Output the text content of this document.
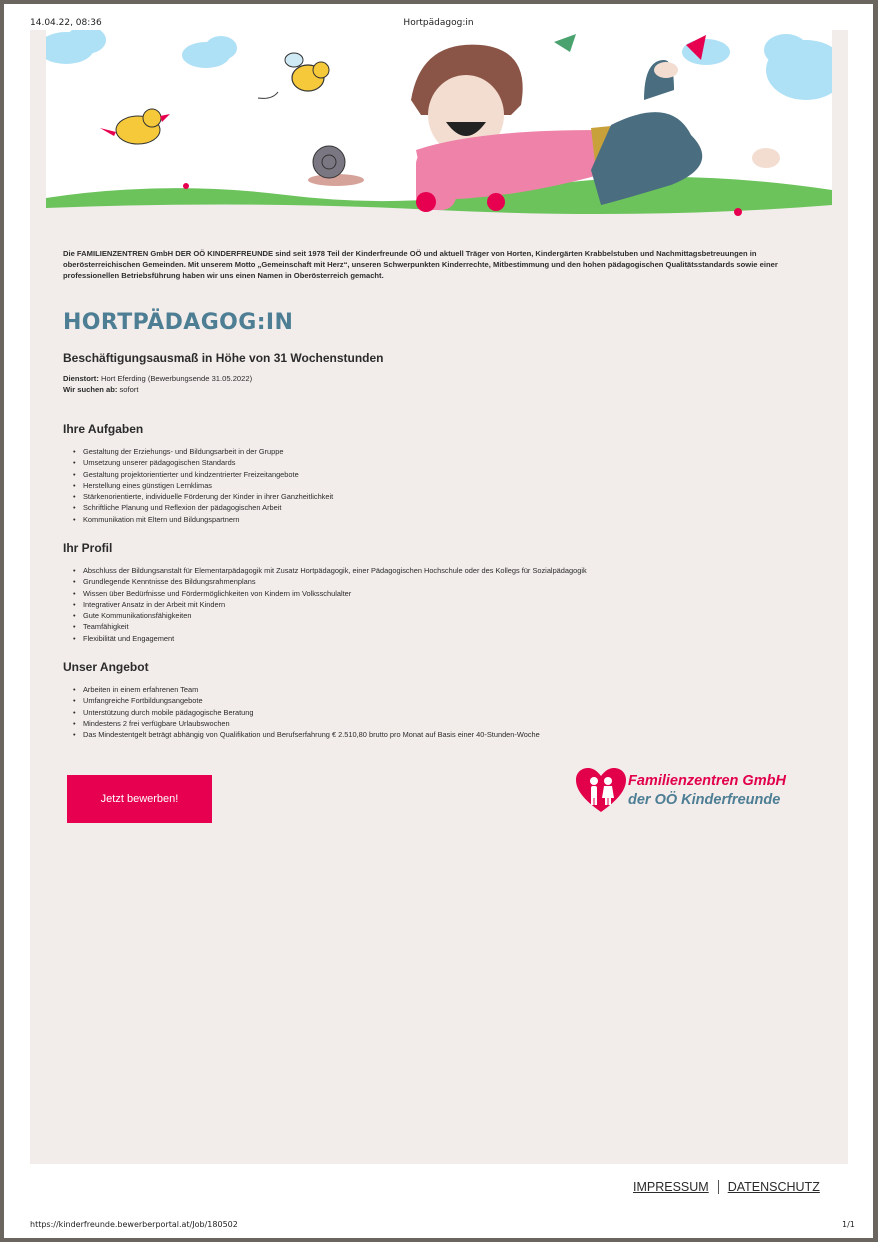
14.04.22, 08:36	Hortpädagog:in
Die FAMILIENZENTREN GmbH DER OÖ KINDERFREUNDE sind seit 1978 Teil der Kinderfreunde OÖ und aktuell Träger von Horten, Kindergärten Krabbelstuben und Nachmittagsbetreuungen in oberösterreichischen Gemeinden. Mit unserem Motto „Gemeinschaft mit Herz“, unseren Schwerpunkten Kinderrechte, Mitbestimmung und den hohen pädagogischen Qualitätsstandards sowie einer professionellen Betriebsführung haben wir uns einen Namen in Oberösterreich gemacht.
HORTPÄDAGOG:IN
Beschäftigungsausmaß in Höhe von 31 Wochenstunden
Dienstort: Hort Eferding (Bewerbungsende 31.05.2022)
Wir suchen ab: sofort
Ihre Aufgaben
• Gestaltung der Erziehungs- und Bildungsarbeit in der Gruppe
• Umsetzung unserer pädagogischen Standards
• Gestaltung projektorientierter und kindzentrierter Freizeitangebote
• Herstellung eines günstigen Lernklimas
• Stärkenorientierte, individuelle Förderung der Kinder in ihrer Ganzheitlichkeit
• Schriftliche Planung und Reflexion der pädagogischen Arbeit
• Kommunikation mit Eltern und Bildungspartnern
Ihr Profil
• Abschluss der Bildungsanstalt für Elementarpädagogik mit Zusatz Hortpädagogik, einer Pädagogischen Hochschule oder des Kollegs für Sozialpädagogik
• Grundlegende Kenntnisse des Bildungsrahmenplans
• Wissen über Bedürfnisse und Fördermöglichkeiten von Kindern im Volksschulalter
• Integrativer Ansatz in der Arbeit mit Kindern
• Gute Kommunikationsfähigkeiten
• Teamfähigkeit
• Flexibilität und Engagement
Unser Angebot
• Arbeiten in einem erfahrenen Team
• Umfangreiche Fortbildungsangebote
• Unterstützung durch mobile pädagogische Beratung
• Mindestens 2 frei verfügbare Urlaubswochen
• Das Mindestentgelt beträgt abhängig von Qualifikation und Berufserfahrung € 2.510,80 brutto pro Monat auf Basis einer 40-Stunden-Woche
Jetzt bewerben!
Familienzentren GmbH
der OÖ Kinderfreunde
IMPRESSUM DATENSCHUTZ
https://kinderfreunde.bewerberportal.at/Job/180502	1/1
